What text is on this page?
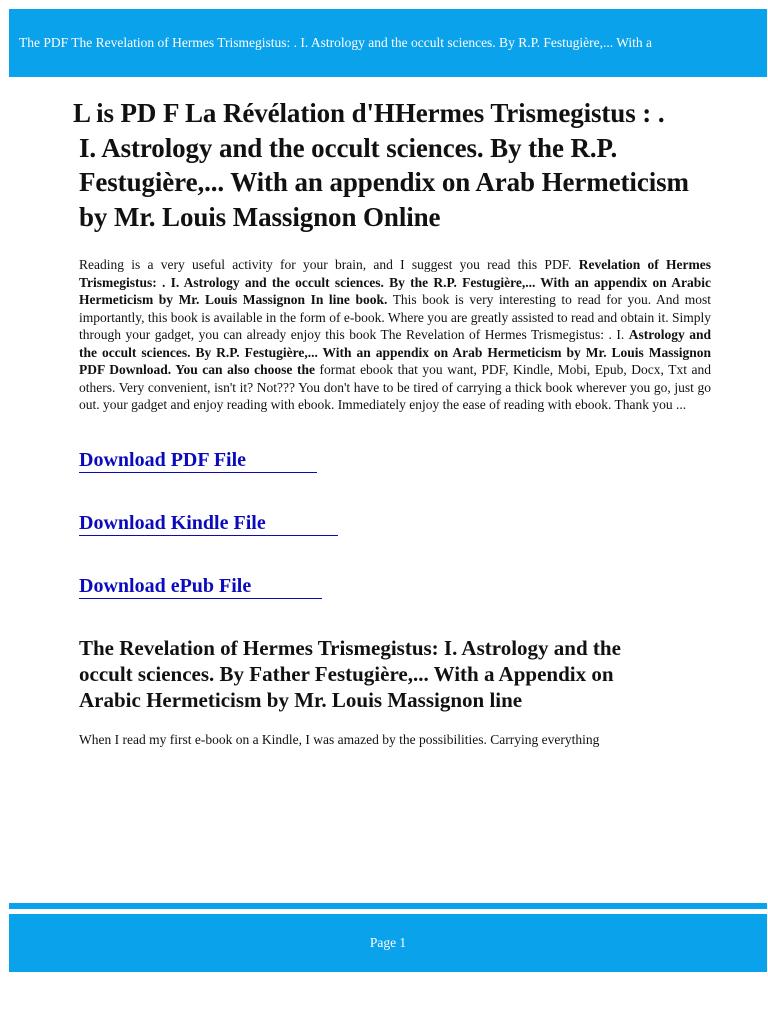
The PDF The Revelation of Hermes Trismegistus: . I. Astrology and the occult sciences. By R.P. Festugière,... With a
L is PD F La Révélation d'HHermes Trismegistus : .
I. Astrology and the occult sciences. By the R.P. Festugière,... With an appendix on Arab Hermeticism by Mr. Louis Massignon Online
Reading is a very useful activity for your brain, and I suggest you read this PDF. Revelation of Hermes Trismegistus: . I. Astrology and the occult sciences. By the R.P. Festugière,... With an appendix on Arabic Hermeticism by Mr. Louis Massignon In line book. This book is very interesting to read for you. And most importantly, this book is available in the form of e-book. Where you are greatly assisted to read and obtain it. Simply through your gadget, you can already enjoy this book The Revelation of Hermes Trismegistus: . I. Astrology and the occult sciences. By R.P. Festugière,... With an appendix on Arab Hermeticism by Mr. Louis Massignon PDF Download. You can also choose the format ebook that you want, PDF, Kindle, Mobi, Epub, Docx, Txt and others. Very convenient, isn't it? Not??? You don't have to be tired of carrying a thick book wherever you go, just go out. your gadget and enjoy reading with ebook. Immediately enjoy the ease of reading with ebook. Thank you ...
Download PDF File
Download Kindle File
Download ePub File
The Revelation of Hermes Trismegistus: I. Astrology and the occult sciences. By Father Festugière,... With a Appendix on Arabic Hermeticism by Mr. Louis Massignon line
When I read my first e-book on a Kindle, I was amazed by the possibilities. Carrying everything
Page 1
